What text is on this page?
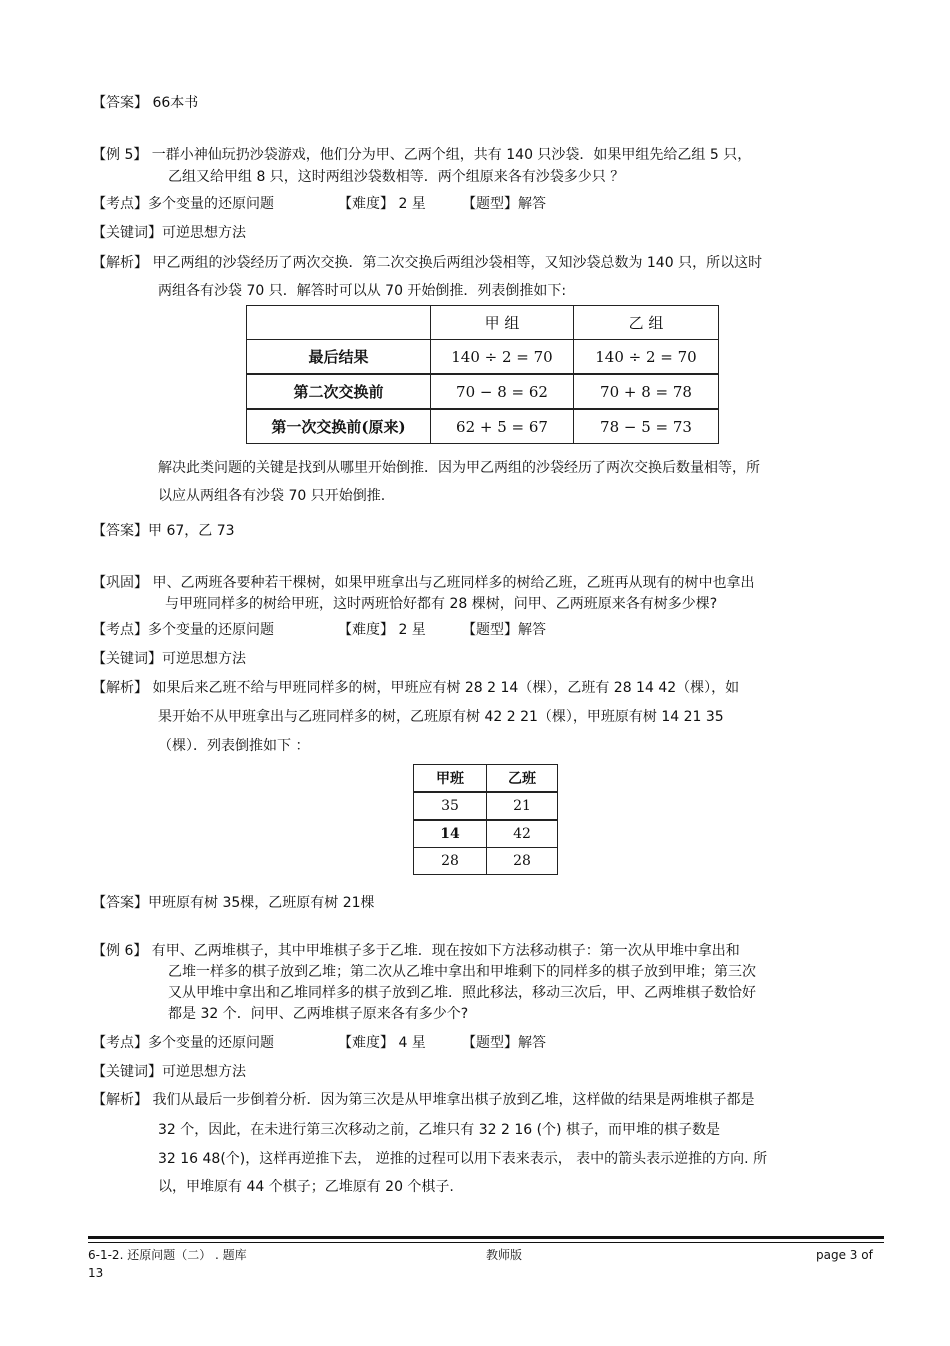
【答案】 66本书
【例 5】 一群小神仙玩扔沙袋游戏，他们分为甲、乙两个组，共有 140 只沙袋．如果甲组先给乙组 5 只，
乙组又给甲组 8 只，这时两组沙袋数相等．两个组原来各有沙袋多少只 ？
【考点】多个变量的还原问题	【难度】 2 星	【题型】解答
【关键词】可逆思想方法
【解析】 甲乙两组的沙袋经历了两次交换．第二次交换后两组沙袋相等，又知沙袋总数为 140 只，所以这时
两组各有沙袋 70 只．解答时可以从 70 开始倒推．列表倒推如下:
	甲 组	乙 组
最后结果	140 ÷ 2 = 70	140 ÷ 2 = 70
第二次交换前	70 − 8 = 62	70 + 8 = 78
第一次交换前(原来)	62 + 5 = 67	78 − 5 = 73
解决此类问题的关键是找到从哪里开始倒推．因为甲乙两组的沙袋经历了两次交换后数量相等，所
以应从两组各有沙袋 70 只开始倒推.
【答案】甲 67，乙 73
【巩固】 甲、乙两班各要种若干棵树，如果甲班拿出与乙班同样多的树给乙班，乙班再从现有的树中也拿出
与甲班同样多的树给甲班，这时两班恰好都有 28 棵树，问甲、乙两班原来各有树多少棵?
【考点】多个变量的还原问题	【难度】 2 星	【题型】解答
【关键词】可逆思想方法
【解析】 如果后来乙班不给与甲班同样多的树，甲班应有树 28 2 14（棵），乙班有 28 14 42（棵），如
果开始不从甲班拿出与乙班同样多的树，乙班原有树 42 2 21（棵），甲班原有树 14 21 35
（棵）．列表倒推如下 ：
甲班	乙班
35	21
14	42
28	28
【答案】甲班原有树 35棵，乙班原有树 21棵
【例 6】 有甲、乙两堆棋子，其中甲堆棋子多于乙堆．现在按如下方法移动棋子：第一次从甲堆中拿出和
乙堆一样多的棋子放到乙堆；第二次从乙堆中拿出和甲堆剩下的同样多的棋子放到甲堆；第三次
又从甲堆中拿出和乙堆同样多的棋子放到乙堆．照此移法，移动三次后，甲、乙两堆棋子数恰好
都是 32 个．问甲、乙两堆棋子原来各有多少个?
【考点】多个变量的还原问题	【难度】 4 星	【题型】解答
【关键词】可逆思想方法
【解析】 我们从最后一步倒着分析．因为第三次是从甲堆拿出棋子放到乙堆，这样做的结果是两堆棋子都是
32 个，因此，在未进行第三次移动之前，乙堆只有 32 2 16 (个) 棋子，而甲堆的棋子数是
32 16 48(个)，这样再逆推下去， 逆推的过程可以用下表来表示， 表中的箭头表示逆推的方向. 所
以，甲堆原有 44 个棋子；乙堆原有 20 个棋子.
6-1-2. 还原问题（二） . 题库	教师版	page 3 of
13
